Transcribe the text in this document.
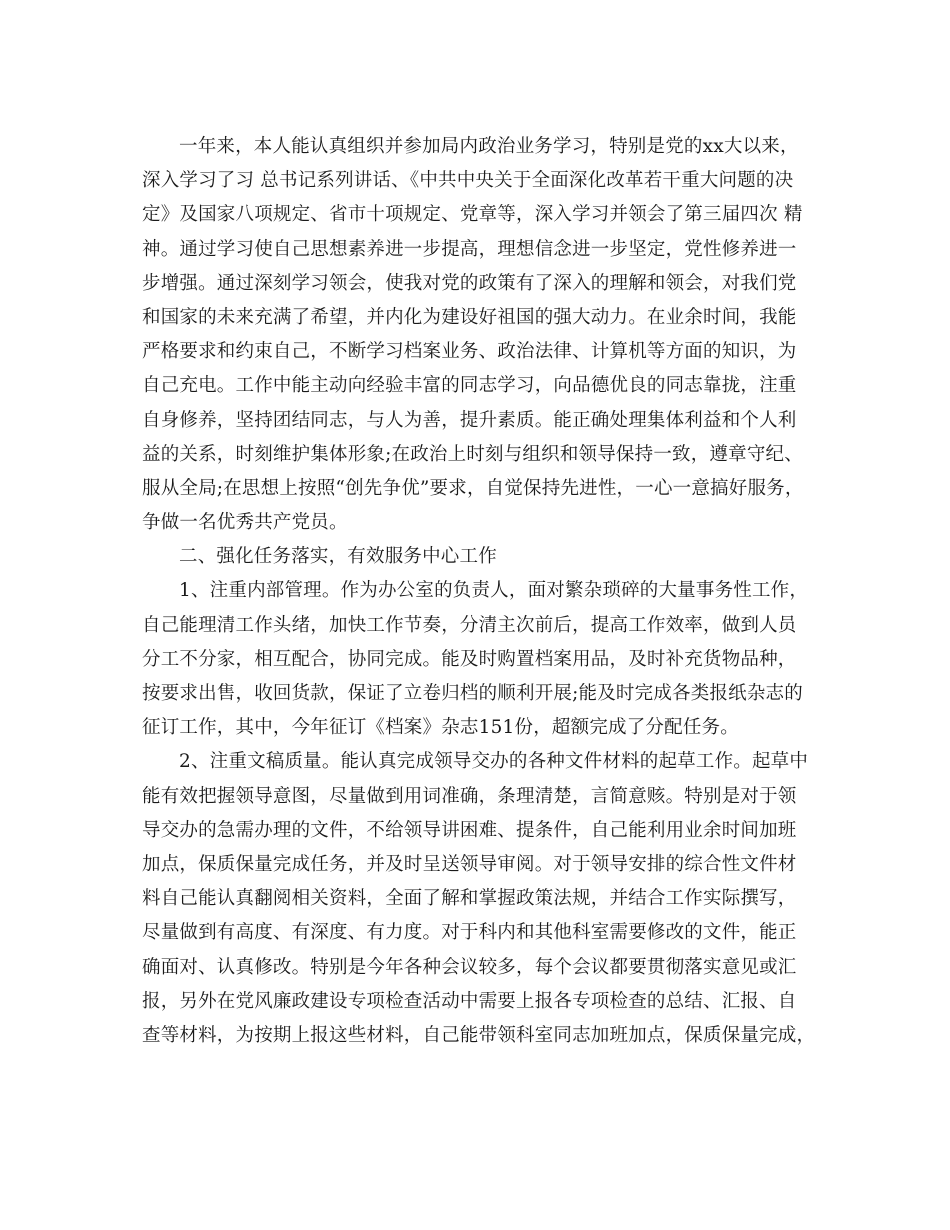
一年来，本人能认真组织并参加局内政治业务学习，特别是党的xx大以来，
深入学习了习 总书记系列讲话、《中共中央关于全面深化改革若干重大问题的决
定》及国家八项规定、省市十项规定、党章等，深入学习并领会了第三届四次 精
神。通过学习使自己思想素养进一步提高，理想信念进一步坚定，党性修养进一
步增强。通过深刻学习领会，使我对党的政策有了深入的理解和领会，对我们党
和国家的未来充满了希望，并内化为建设好祖国的强大动力。在业余时间，我能
严格要求和约束自己，不断学习档案业务、政治法律、计算机等方面的知识，为
自己充电。工作中能主动向经验丰富的同志学习，向品德优良的同志靠拢，注重
自身修养，坚持团结同志，与人为善，提升素质。能正确处理集体利益和个人利
益的关系，时刻维护集体形象;在政治上时刻与组织和领导保持一致，遵章守纪、
服从全局;在思想上按照“创先争优”要求，自觉保持先进性，一心一意搞好服务，
争做一名优秀共产党员。
二、强化任务落实，有效服务中心工作
1、注重内部管理。作为办公室的负责人，面对繁杂琐碎的大量事务性工作，
自己能理清工作头绪，加快工作节奏，分清主次前后，提高工作效率，做到人员
分工不分家，相互配合，协同完成。能及时购置档案用品，及时补充货物品种，
按要求出售，收回货款，保证了立卷归档的顺利开展;能及时完成各类报纸杂志的
征订工作，其中，今年征订《档案》杂志151份，超额完成了分配任务。
2、注重文稿质量。能认真完成领导交办的各种文件材料的起草工作。起草中
能有效把握领导意图，尽量做到用词准确，条理清楚，言简意赅。特别是对于领
导交办的急需办理的文件，不给领导讲困难、提条件，自己能利用业余时间加班
加点，保质保量完成任务，并及时呈送领导审阅。对于领导安排的综合性文件材
料自己能认真翻阅相关资料，全面了解和掌握政策法规，并结合工作实际撰写，
尽量做到有高度、有深度、有力度。对于科内和其他科室需要修改的文件，能正
确面对、认真修改。特别是今年各种会议较多，每个会议都要贯彻落实意见或汇
报，另外在党风廉政建设专项检查活动中需要上报各专项检查的总结、汇报、自
查等材料，为按期上报这些材料，自己能带领科室同志加班加点，保质保量完成，
